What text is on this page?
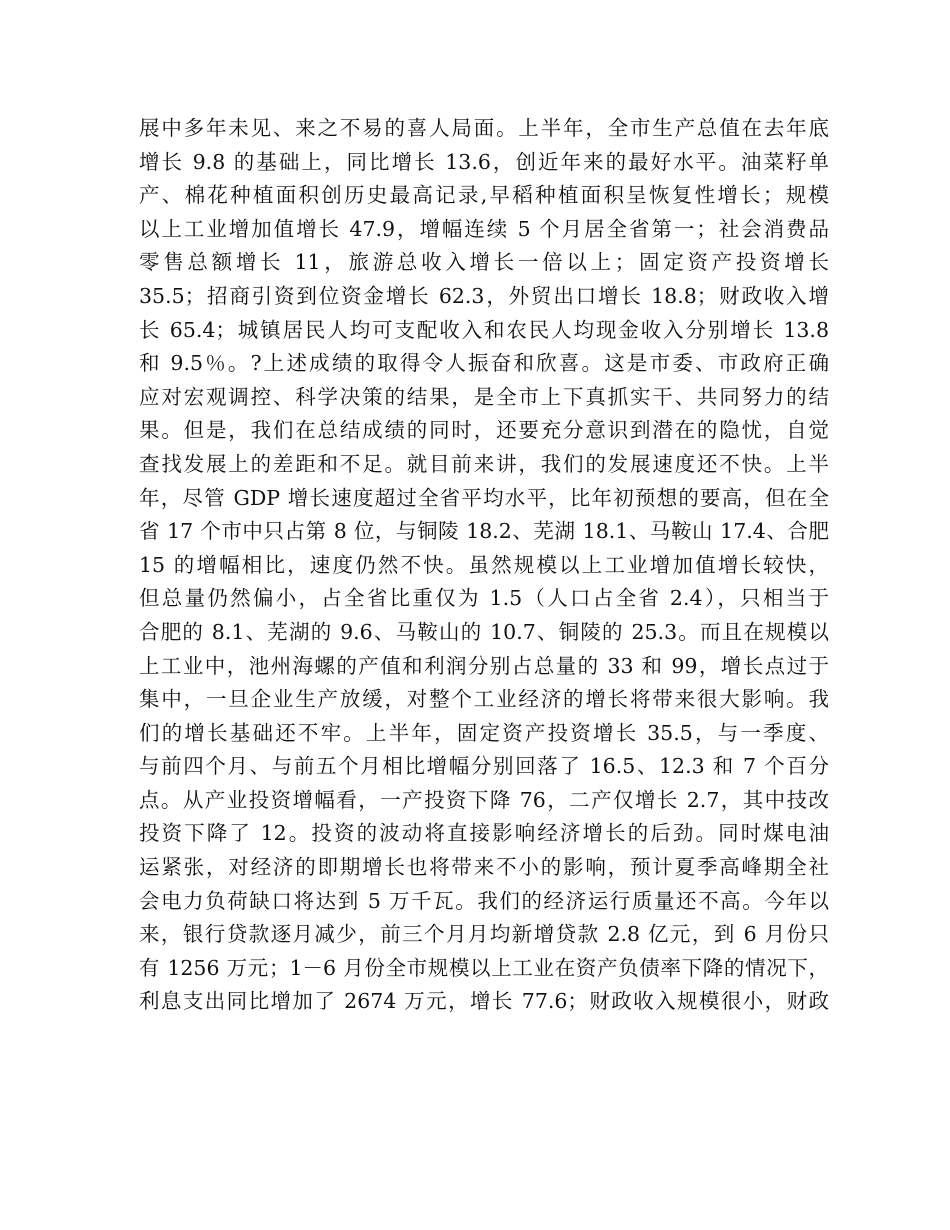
展中多年未见、来之不易的喜人局面。上半年，全市生产总值在去年底
增长 9.8 的基础上，同比增长 13.6，创近年来的最好水平。油菜籽单
产、棉花种植面积创历史最高记录,早稻种植面积呈恢复性增长；规模
以上工业增加值增长 47.9，增幅连续 5 个月居全省第一；社会消费品
零售总额增长 11，旅游总收入增长一倍以上；固定资产投资增长
35.5；招商引资到位资金增长 62.3，外贸出口增长 18.8；财政收入增
长 65.4；城镇居民人均可支配收入和农民人均现金收入分别增长 13.8
和 9.5％。?上述成绩的取得令人振奋和欣喜。这是市委、市政府正确
应对宏观调控、科学决策的结果，是全市上下真抓实干、共同努力的结
果。但是，我们在总结成绩的同时，还要充分意识到潜在的隐忧，自觉
查找发展上的差距和不足。就目前来讲，我们的发展速度还不快。上半
年，尽管 GDP 增长速度超过全省平均水平，比年初预想的要高，但在全
省 17 个市中只占第 8 位，与铜陵 18.2、芜湖 18.1、马鞍山 17.4、合肥
15 的增幅相比，速度仍然不快。虽然规模以上工业增加值增长较快，
但总量仍然偏小，占全省比重仅为 1.5（人口占全省 2.4），只相当于
合肥的 8.1、芜湖的 9.6、马鞍山的 10.7、铜陵的 25.3。而且在规模以
上工业中，池州海螺的产值和利润分别占总量的 33 和 99，增长点过于
集中，一旦企业生产放缓，对整个工业经济的增长将带来很大影响。我
们的增长基础还不牢。上半年，固定资产投资增长 35.5，与一季度、
与前四个月、与前五个月相比增幅分别回落了 16.5、12.3 和 7 个百分
点。从产业投资增幅看，一产投资下降 76，二产仅增长 2.7，其中技改
投资下降了 12。投资的波动将直接影响经济增长的后劲。同时煤电油
运紧张，对经济的即期增长也将带来不小的影响，预计夏季高峰期全社
会电力负荷缺口将达到 5 万千瓦。我们的经济运行质量还不高。今年以
来，银行贷款逐月减少，前三个月月均新增贷款 2.8 亿元，到 6 月份只
有 1256 万元；1－6 月份全市规模以上工业在资产负债率下降的情况下，
利息支出同比增加了 2674 万元，增长 77.6；财政收入规模很小，财政
